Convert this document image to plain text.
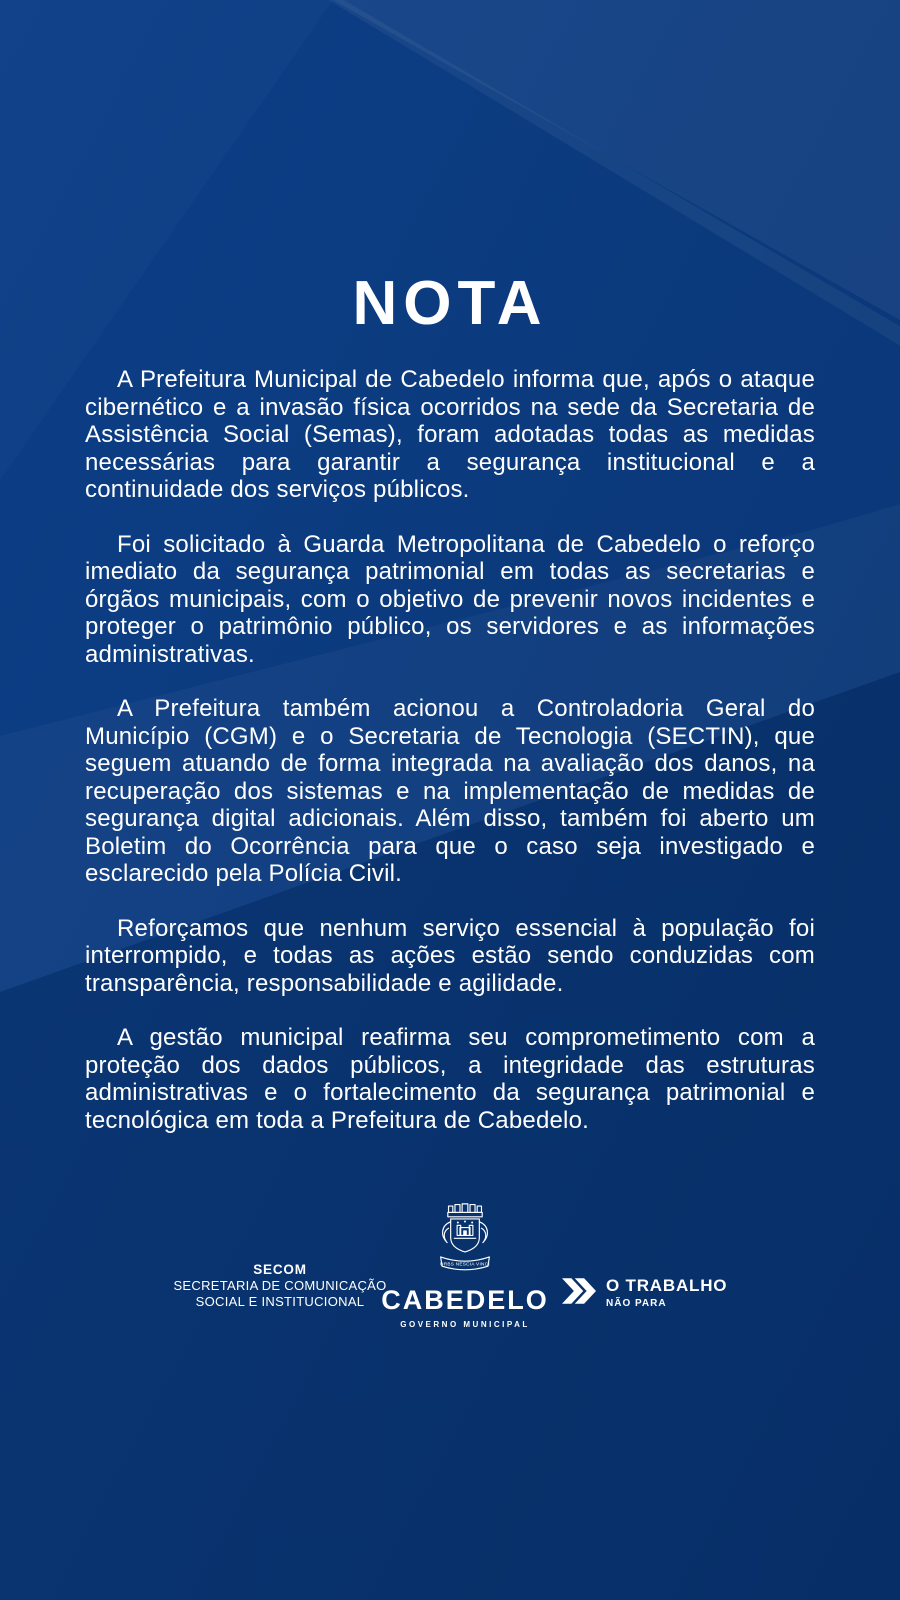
NOTA

A Prefeitura Municipal de Cabedelo informa que, após o ataque cibernético e a invasão física ocorridos na sede da Secretaria de Assistência Social (Semas), foram adotadas todas as medidas necessárias para garantir a segurança institucional e a continuidade dos serviços públicos.

Foi solicitado à Guarda Metropolitana de Cabedelo o reforço imediato da segurança patrimonial em todas as secretarias e órgãos municipais, com o objetivo de prevenir novos incidentes e proteger o patrimônio público, os servidores e as informações administrativas.

A Prefeitura também acionou a Controladoria Geral do Município (CGM) e o Secretaria de Tecnologia (SECTIN), que seguem atuando de forma integrada na avaliação dos danos, na recuperação dos sistemas e na implementação de medidas de segurança digital adicionais. Além disso, também foi aberto um Boletim do Ocorrência para que o caso seja investigado e esclarecido pela Polícia Civil.

Reforçamos que nenhum serviço essencial à população foi interrompido, e todas as ações estão sendo conduzidas com transparência, responsabilidade e agilidade.

A gestão municipal reafirma seu comprometimento com a proteção dos dados públicos, a integridade das estruturas administrativas e o fortalecimento da segurança patrimonial e tecnológica em toda a Prefeitura de Cabedelo.

SECOM
SECRETARIA DE COMUNICAÇÃO
SOCIAL E INSTITUCIONAL
URBS NESCIA VINCI
CABEDELO
GOVERNO MUNICIPAL
O TRABALHO
NÃO PARA
